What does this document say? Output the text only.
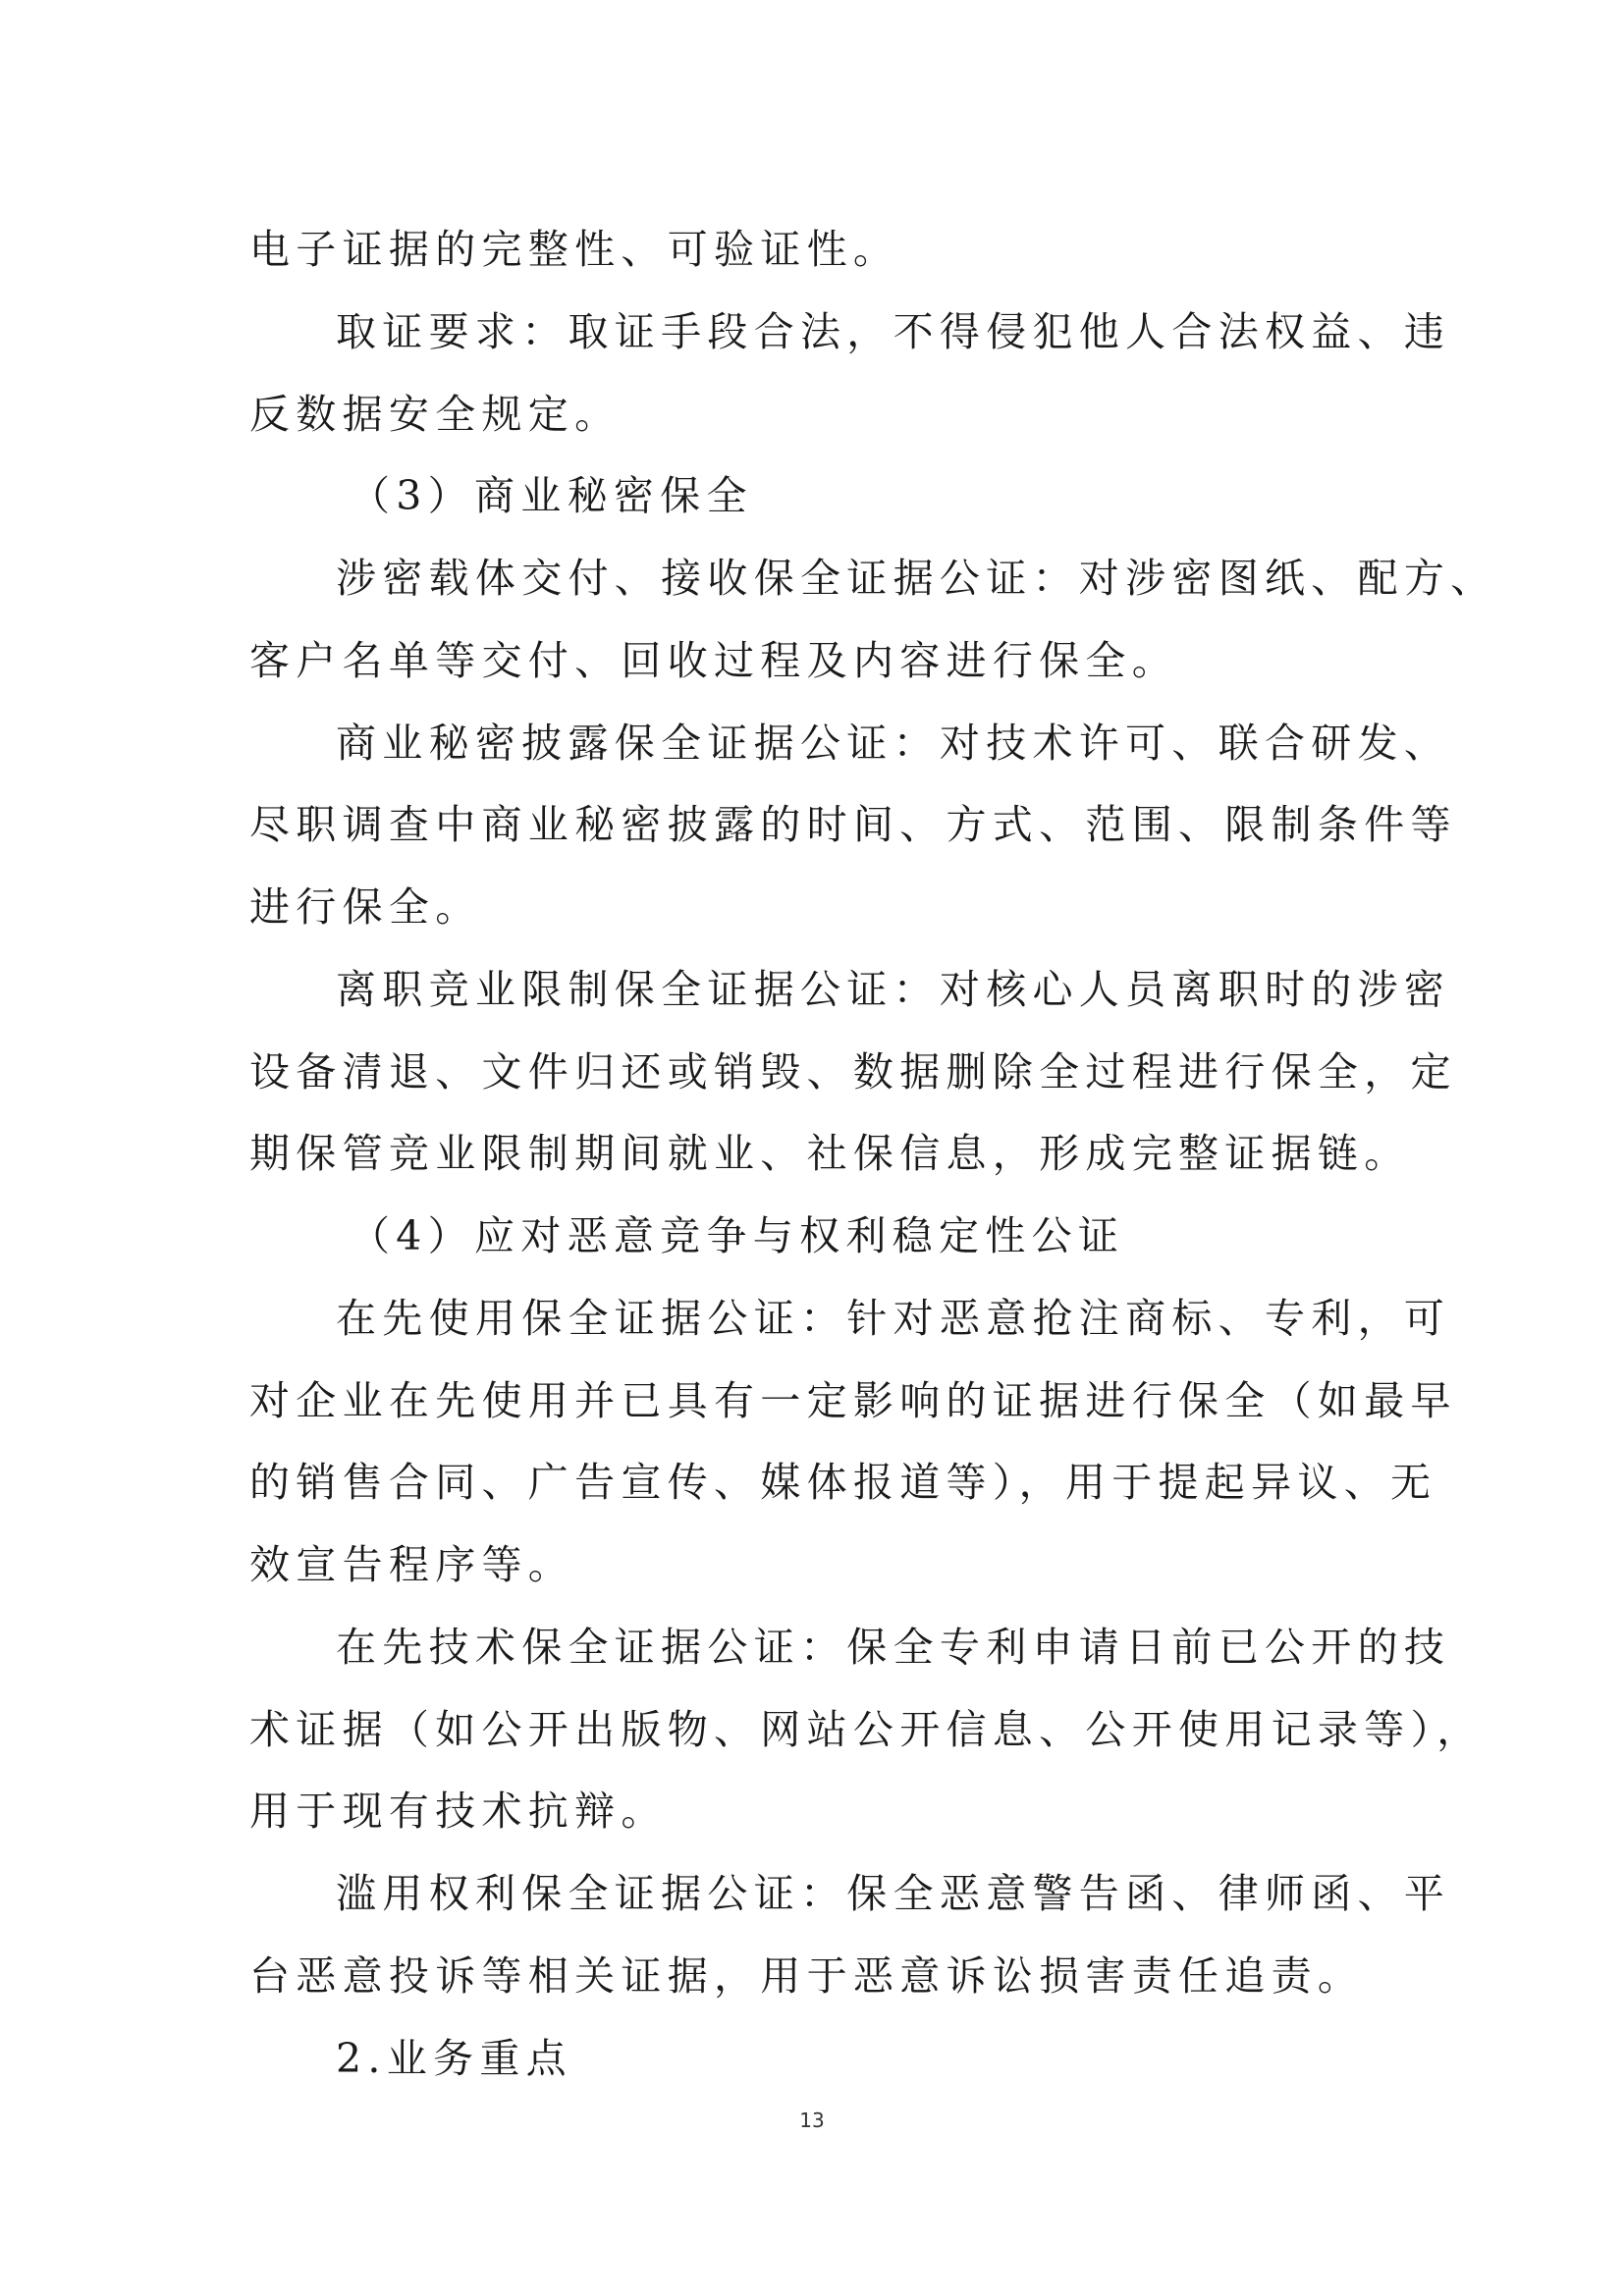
电子证据的完整性、可验证性。
取证要求：取证手段合法，不得侵犯他人合法权益、违
反数据安全规定。
（3）商业秘密保全
涉密载体交付、接收保全证据公证：对涉密图纸、配方、
客户名单等交付、回收过程及内容进行保全。
商业秘密披露保全证据公证：对技术许可、联合研发、
尽职调查中商业秘密披露的时间、方式、范围、限制条件等
进行保全。
离职竞业限制保全证据公证：对核心人员离职时的涉密
设备清退、文件归还或销毁、数据删除全过程进行保全，定
期保管竞业限制期间就业、社保信息，形成完整证据链。
（4）应对恶意竞争与权利稳定性公证
在先使用保全证据公证：针对恶意抢注商标、专利，可
对企业在先使用并已具有一定影响的证据进行保全（如最早
的销售合同、广告宣传、媒体报道等），用于提起异议、无
效宣告程序等。
在先技术保全证据公证：保全专利申请日前已公开的技
术证据（如公开出版物、网站公开信息、公开使用记录等），
用于现有技术抗辩。
滥用权利保全证据公证：保全恶意警告函、律师函、平
台恶意投诉等相关证据，用于恶意诉讼损害责任追责。
2.业务重点
13
